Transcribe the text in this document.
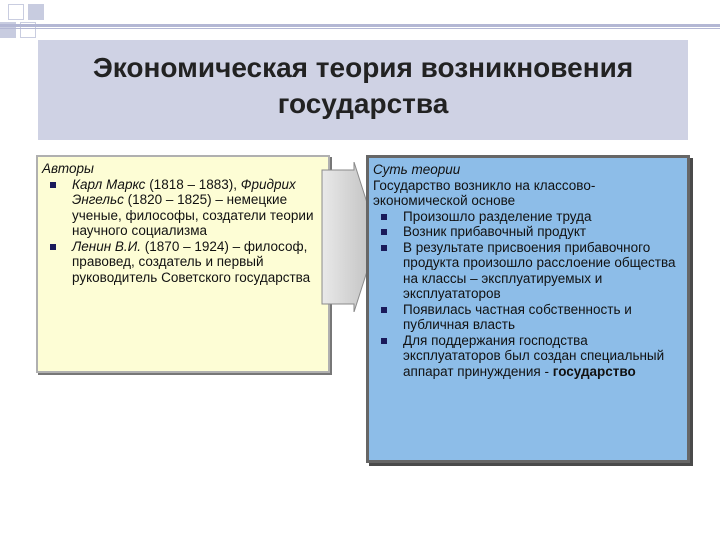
Экономическая теория возникновения
государства
Авторы
Карл Маркс (1818 – 1883), Фридрих Энгельс (1820 – 1825) – немецкие ученые, философы, создатели теории научного социализма
Ленин В.И. (1870 – 1924) – философ, правовед, создатель и первый руководитель Советского государства
Суть теории
Государство возникло на классово-экономической основе
Произошло разделение труда
Возник прибавочный продукт
В результате присвоения прибавочного продукта произошло расслоение общества на классы – эксплуатируемых и эксплуататоров
Появилась частная собственность и публичная власть
Для поддержания господства эксплуататоров был создан специальный аппарат принуждения - государство
